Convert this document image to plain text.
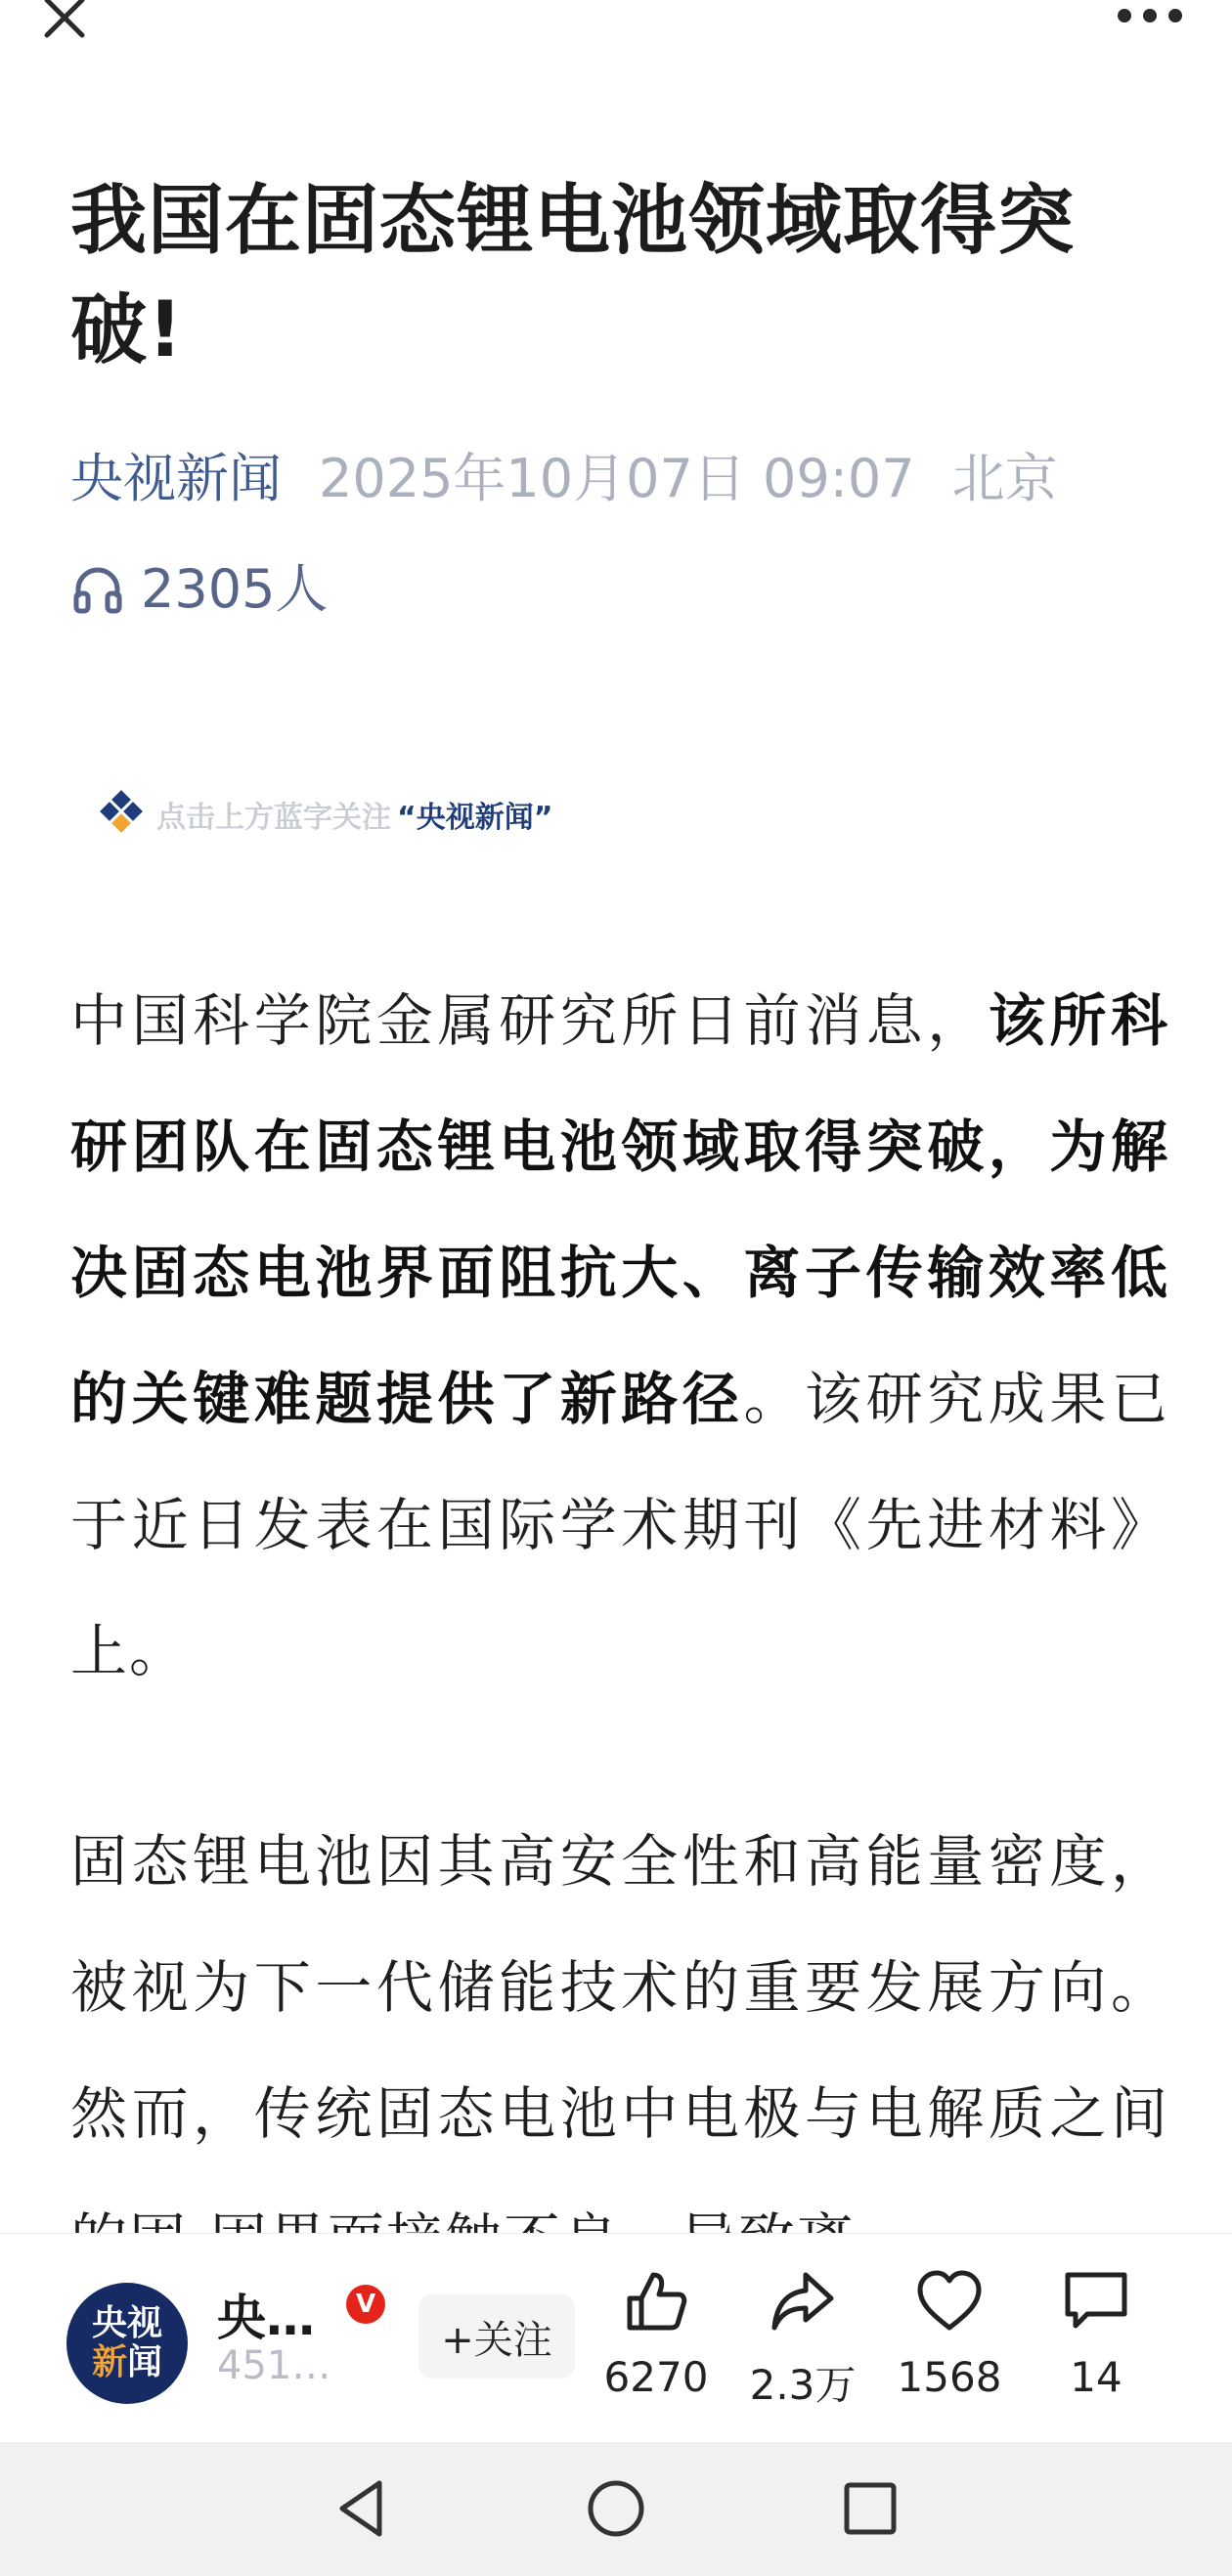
我国在固态锂电池领域取得突破!
央视新闻 2025年10月07日 09:07 北京
2305人
点击上方蓝字关注 “央视新闻”

中国科学院金属研究所日前消息，该所科研团队在固态锂电池领域取得突破，为解决固态电池界面阻抗大、离子传输效率低的关键难题提供了新路径。该研究成果已于近日发表在国际学术期刊《先进材料》上。

固态锂电池因其高安全性和高能量密度，被视为下一代储能技术的重要发展方向。然而，传统固态电池中电极与电解质之间

央视
新闻
央…	V
451…
+关注
6270	2.3万	1568	14
